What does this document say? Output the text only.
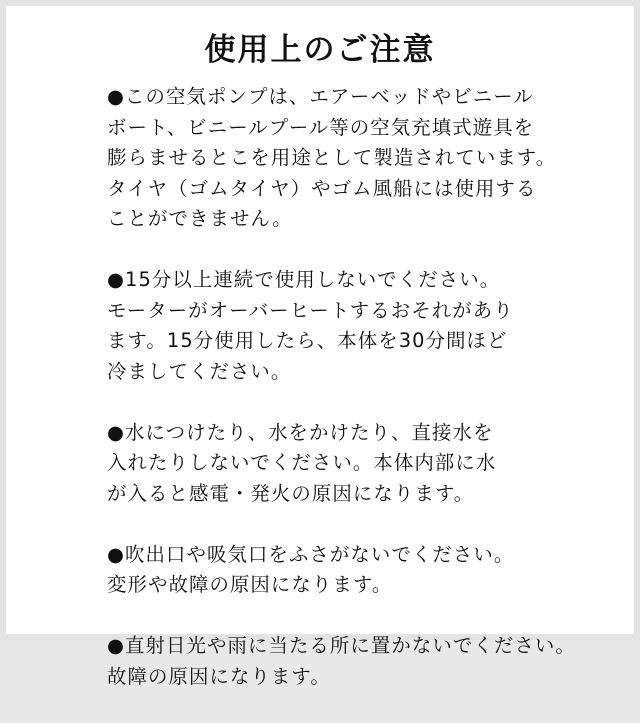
使用上のご注意
●この空気ポンプは、エアーベッドやビニール
ボート、ビニールプール等の空気充填式遊具を
膨らませるとこを用途として製造されています。
タイヤ（ゴムタイヤ）やゴム風船には使用する
ことができません。
●15分以上連続で使用しないでください。
モーターがオーバーヒートするおそれがあり
ます。15分使用したら、本体を30分間ほど
冷ましてください。
●水につけたり、水をかけたり、直接水を
入れたりしないでください。本体内部に水
が入ると感電・発火の原因になります。
●吹出口や吸気口をふさがないでください。
変形や故障の原因になります。
●直射日光や雨に当たる所に置かないでください。
故障の原因になります。
